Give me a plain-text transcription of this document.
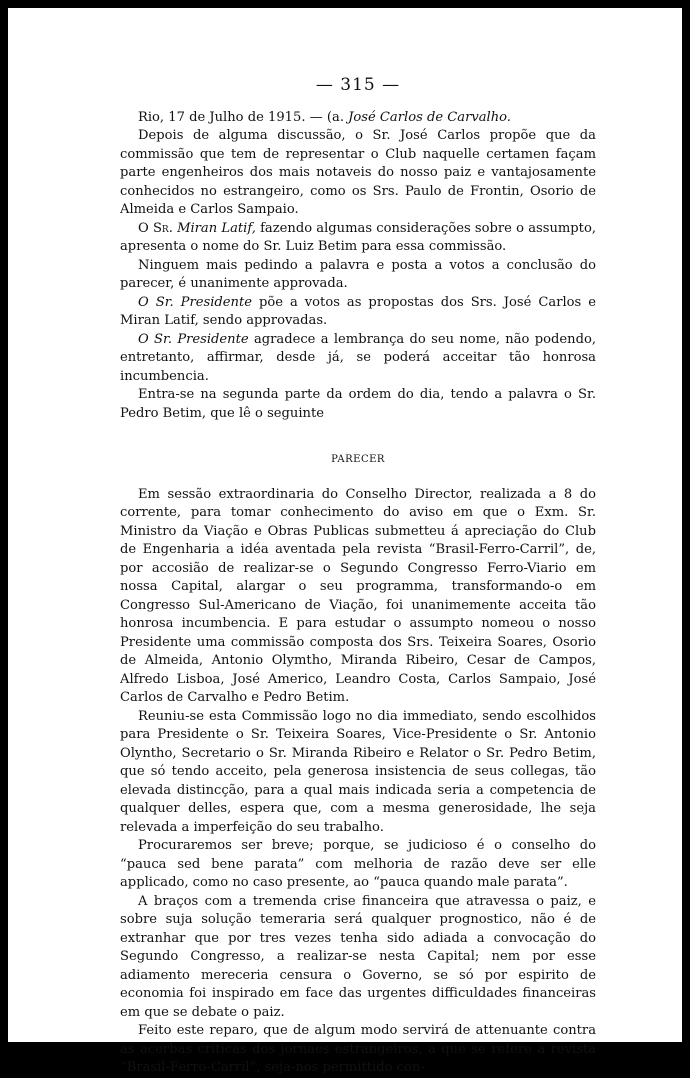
— 315 —

Rio, 17 de Julho de 1915. — (a. José Carlos de Carvalho.

Depois de alguma discussão, o Sr. José Carlos propõe que da commissão que tem de representar o Club naquelle certamen façam parte engenheiros dos mais notaveis do nosso paiz e vantajosamente conhecidos no estrangeiro, como os Srs. Paulo de Frontin, Osorio de Almeida e Carlos Sampaio.

O Sr. Miran Latif, fazendo algumas considerações sobre o assumpto, apresenta o nome do Sr. Luiz Betim para essa commissão.

Ninguem mais pedindo a palavra e posta a votos a conclusão do parecer, é unanimente approvada.

O Sr. Presidente põe a votos as propostas dos Srs. José Carlos e Miran Latif, sendo approvadas.

O Sr. Presidente agradece a lembrança do seu nome, não podendo, entretanto, affirmar, desde já, se poderá acceitar tão honrosa incumbencia.

Entra-se na segunda parte da ordem do dia, tendo a palavra o Sr. Pedro Betim, que lê o seguinte

PARECER

Em sessão extraordinaria do Conselho Director, realizada a 8 do corrente, para tomar conhecimento do aviso em que o Exm. Sr. Ministro da Viação e Obras Publicas submetteu á apreciação do Club de Engenharia a idéa aventada pela revista “Brasil-Ferro-Carril”, de, por accosião de realizar-se o Segundo Congresso Ferro-Viario em nossa Capital, alargar o seu programma, transformando-o em Congresso Sul-Americano de Viação, foi unanimemente acceita tão honrosa incumbencia. E para estudar o assumpto nomeou o nosso Presidente uma commissão composta dos Srs. Teixeira Soares, Osorio de Almeida, Antonio Olymtho, Miranda Ribeiro, Cesar de Campos, Alfredo Lisboa, José Americo, Leandro Costa, Carlos Sampaio, José Carlos de Carvalho e Pedro Betim.

Reuniu-se esta Commissão logo no dia immediato, sendo escolhidos para Presidente o Sr. Teixeira Soares, Vice-Presidente o Sr. Antonio Olyntho, Secretario o Sr. Miranda Ribeiro e Relator o Sr. Pedro Betim, que só tendo acceito, pela generosa insistencia de seus collegas, tão elevada distincção, para a qual mais indicada seria a competencia de qualquer delles, espera que, com a mesma generosidade, lhe seja relevada a imperfeição do seu trabalho.

Procuraremos ser breve; porque, se judicioso é o conselho do “pauca sed bene parata” com melhoria de razão deve ser elle applicado, como no caso presente, ao “pauca quando male parata”.

A braços com a tremenda crise financeira que atravessa o paiz, e sobre suja solução temeraria será qualquer prognostico, não é de extranhar que por tres vezes tenha sido adiada a convocação do Segundo Congresso, a realizar-se nesta Capital; nem por esse adiamento mereceria censura o Governo, se só por espirito de economia foi inspirado em face das urgentes difficuldades financeiras em que se debate o paiz.

Feito este reparo, que de algum modo servirá de attenuante contra as acerbas criticas dos jornaes estrangeiros, a que se refere a revista “Brasil-Ferro-Carril”, seja-nos permittido con-
